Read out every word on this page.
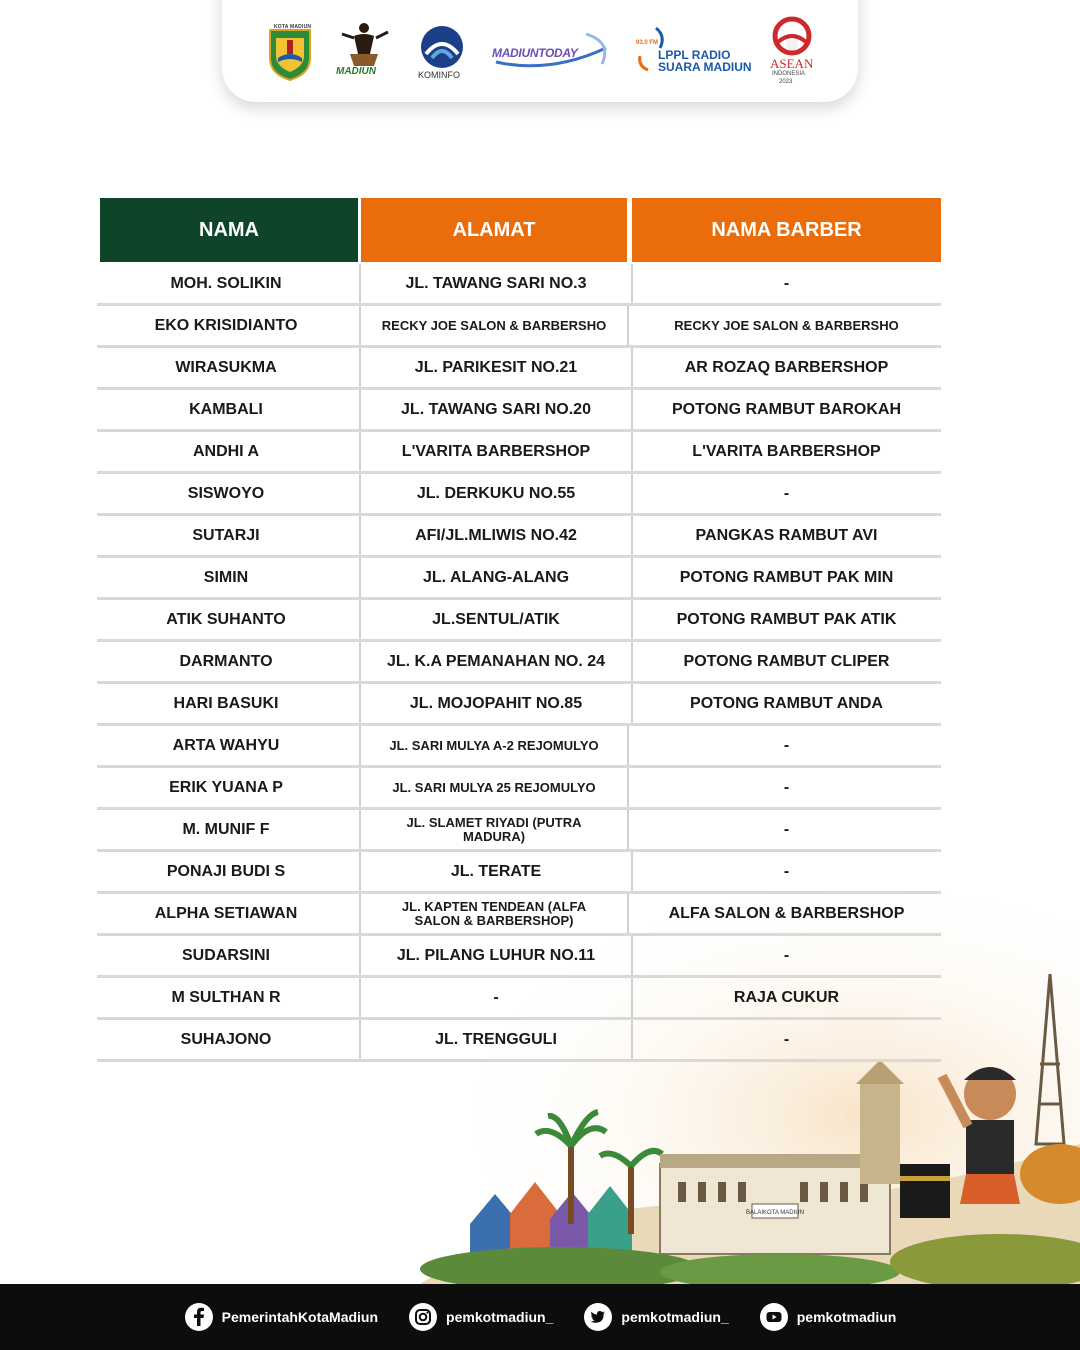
KOTA MADIUN
MADIUN	KOMINFO
MADIUNTODAY
93.0 FM
LPPL RADIO
SUARA MADIUN ASEAN
INDONESIA
2023
BALAIKOTA MADIUN
NAMA	ALAMAT	NAMA BARBER
MOH. SOLIKIN	JL. TAWANG SARI NO.3	-
EKO KRISIDIANTO	RECKY JOE SALON & BARBERSHO	RECKY JOE SALON & BARBERSHO
WIRASUKMA	JL. PARIKESIT NO.21	AR ROZAQ BARBERSHOP
KAMBALI	JL. TAWANG SARI NO.20	POTONG RAMBUT BAROKAH
ANDHI A	L'VARITA BARBERSHOP	L'VARITA BARBERSHOP
SISWOYO	JL. DERKUKU NO.55	-
SUTARJI	AFI/JL.MLIWIS NO.42	PANGKAS RAMBUT AVI
SIMIN	JL. ALANG-ALANG	POTONG RAMBUT PAK MIN
ATIK SUHANTO	JL.SENTUL/ATIK	POTONG RAMBUT PAK ATIK
DARMANTO	JL. K.A PEMANAHAN NO. 24	POTONG RAMBUT CLIPER
HARI BASUKI	JL. MOJOPAHIT NO.85	POTONG RAMBUT ANDA
ARTA WAHYU	JL. SARI MULYA A-2 REJOMULYO	-
ERIK YUANA P	JL. SARI MULYA 25 REJOMULYO	-
M. MUNIF F	JL. SLAMET RIYADI (PUTRA MADURA)	-
PONAJI BUDI S	JL. TERATE	-
ALPHA SETIAWAN	JL. KAPTEN TENDEAN (ALFA SALON & BARBERSHOP)	ALFA SALON & BARBERSHOP
SUDARSINI	JL. PILANG LUHUR NO.11	-
M SULTHAN R	-	RAJA CUKUR
SUHAJONO	JL. TRENGGULI	-
PemerintahKotaMadiun	pemkotmadiun_	pemkotmadiun_	pemkotmadiun
